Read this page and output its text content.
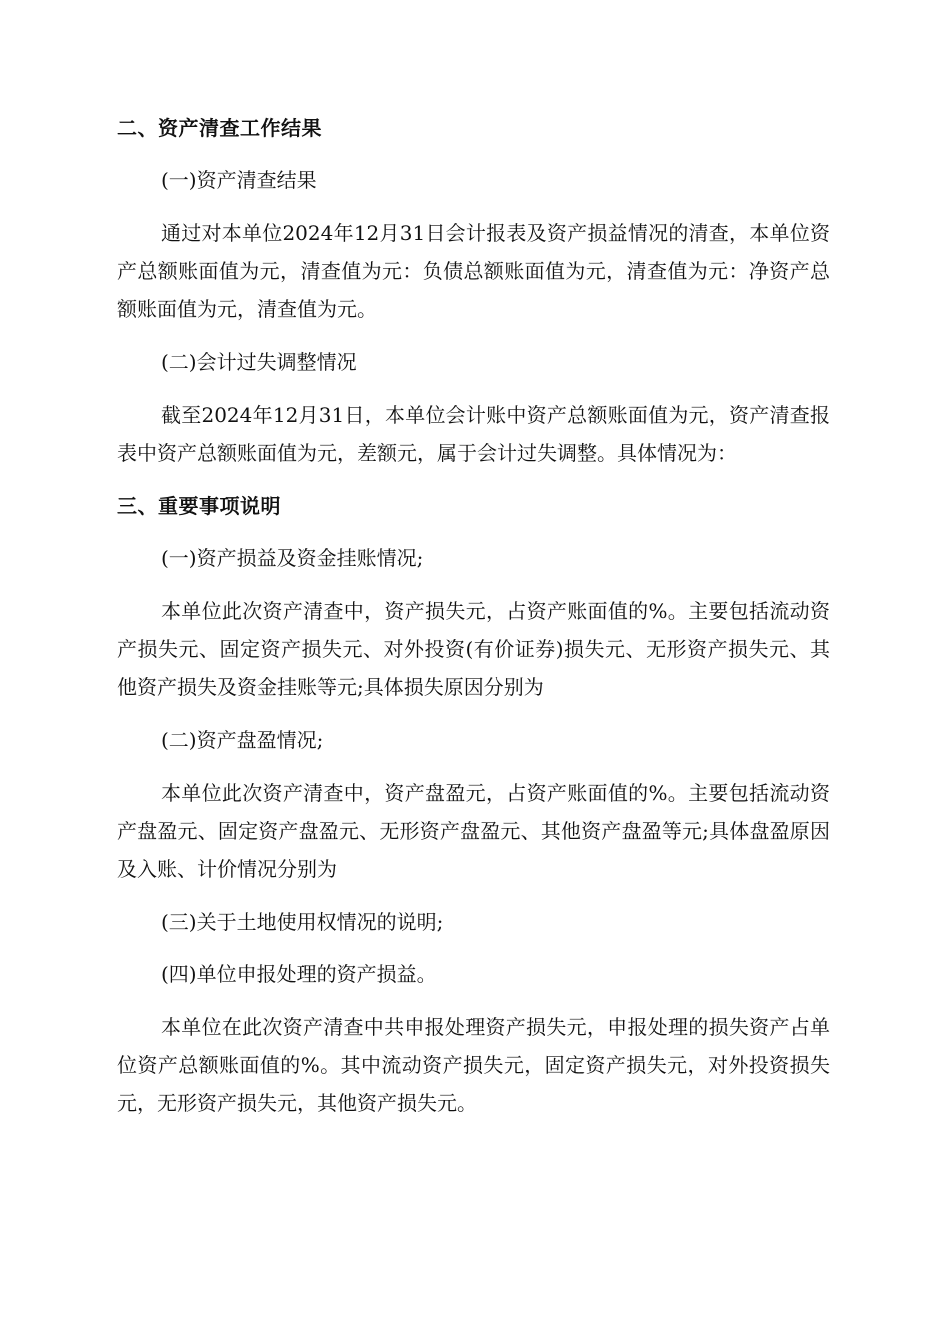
二、资产清查工作结果
(一)资产清查结果
通过对本单位2024年12月31日会计报表及资产损益情况的清查，本单位资产总额账面值为元，清查值为元：负债总额账面值为元，清查值为元：净资产总额账面值为元，清查值为元。
(二)会计过失调整情况
截至2024年12月31日，本单位会计账中资产总额账面值为元，资产清查报表中资产总额账面值为元，差额元，属于会计过失调整。具体情况为：
三、重要事项说明
(一)资产损益及资金挂账情况;
本单位此次资产清查中，资产损失元，占资产账面值的%。主要包括流动资产损失元、固定资产损失元、对外投资(有价证券)损失元、无形资产损失元、其他资产损失及资金挂账等元;具体损失原因分别为
(二)资产盘盈情况;
本单位此次资产清查中，资产盘盈元，占资产账面值的%。主要包括流动资产盘盈元、固定资产盘盈元、无形资产盘盈元、其他资产盘盈等元;具体盘盈原因及入账、计价情况分别为
(三)关于土地使用权情况的说明;
(四)单位申报处理的资产损益。
本单位在此次资产清查中共申报处理资产损失元，申报处理的损失资产占单位资产总额账面值的%。其中流动资产损失元，固定资产损失元，对外投资损失元，无形资产损失元，其他资产损失元。
